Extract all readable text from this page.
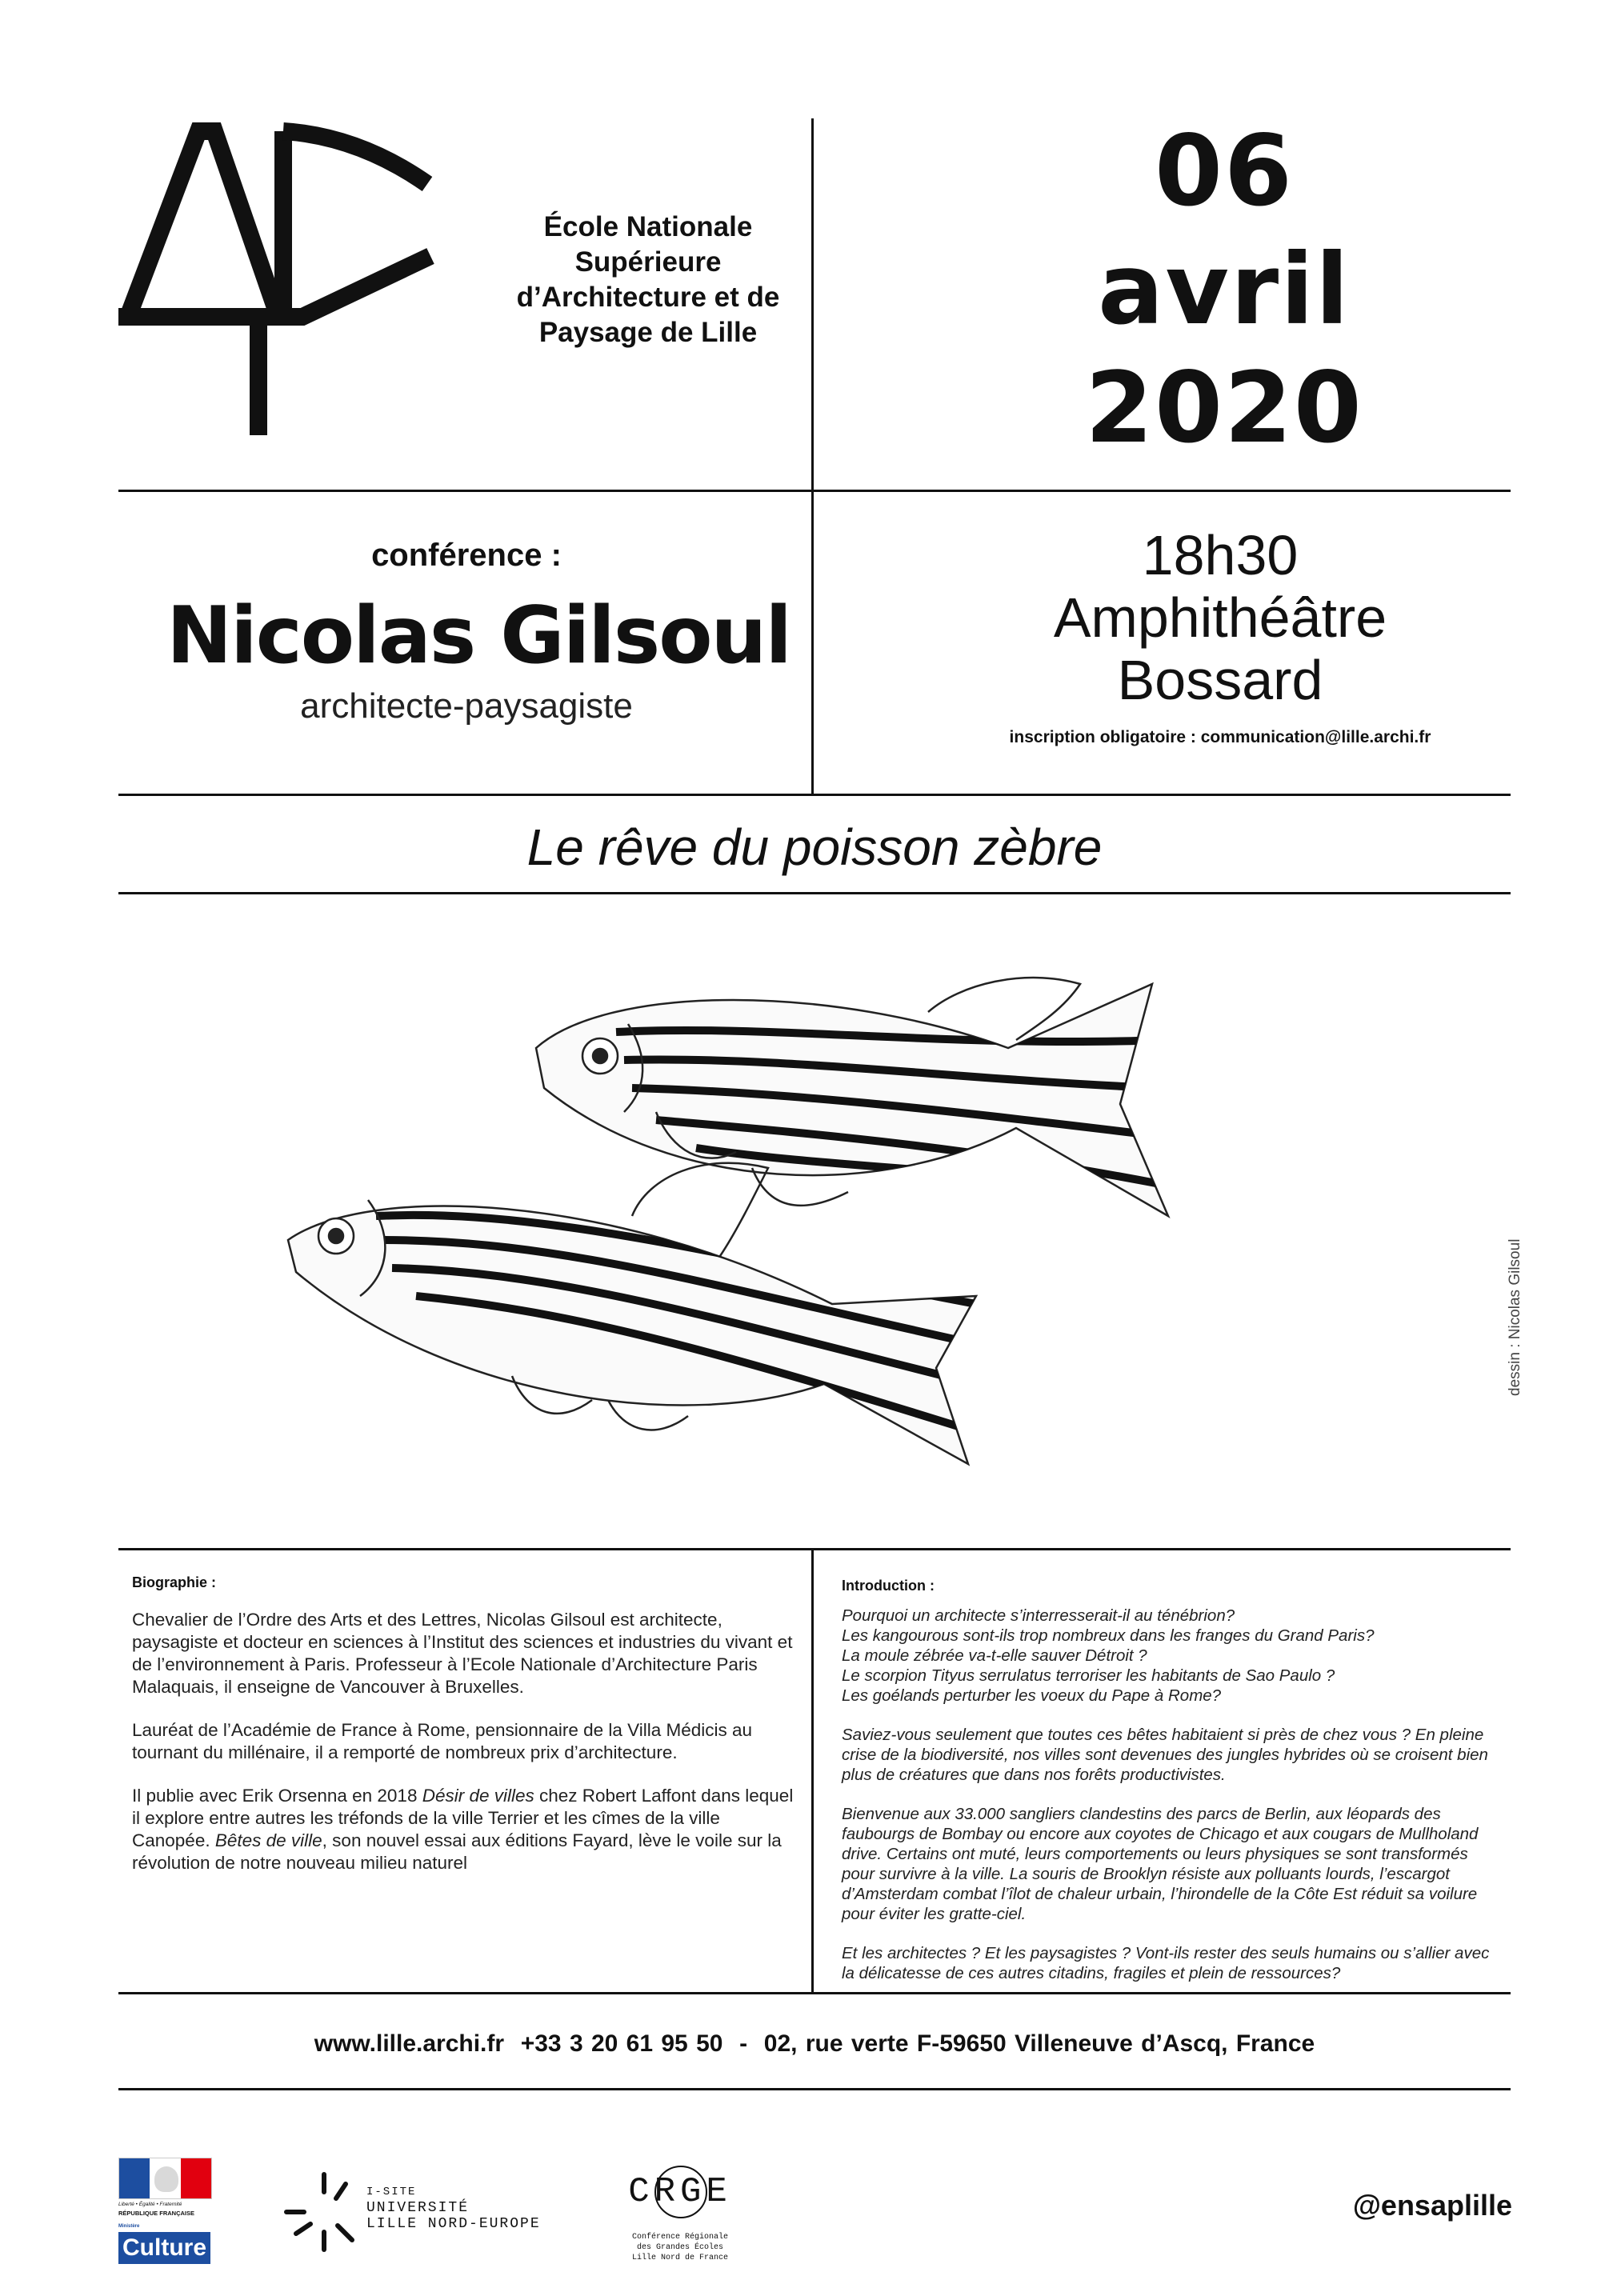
École Nationale
Supérieure
d’Architecture et de
Paysage de Lille
06
avril
2020
conférence :
Nicolas Gilsoul
architecte-paysagiste
18h30
Amphithéâtre
Bossard
inscription obligatoire : communication@lille.archi.fr
Le rêve du poisson zèbre
dessin : Nicolas Gilsoul
Biographie :

Chevalier de l’Ordre des Arts et des Lettres, Nicolas Gilsoul est architecte, paysagiste et docteur en sciences à l’Institut des sciences et industries du vivant et de l’environnement à Paris. Professeur à l’Ecole Nationale d’Architecture Paris Malaquais, il enseigne de Vancouver à Bruxelles.

Lauréat de l’Académie de France à Rome, pensionnaire de la Villa Médicis au tournant du millénaire, il a remporté de nombreux prix d’architecture.

Il publie avec Erik Orsenna en 2018 Désir de villes chez Robert Laffont dans lequel il explore entre autres les tréfonds de la ville Terrier et les cîmes de la ville Canopée. Bêtes de ville, son nouvel essai aux éditions Fayard, lève le voile sur la révolution de notre nouveau milieu naturel

Introduction :

Pourquoi un architecte s’interresserait-il au ténébrion?
Les kangourous sont-ils trop nombreux dans les franges du Grand Paris?
La moule zébrée va-t-elle sauver Détroit ?
Le scorpion Tityus serrulatus terroriser les habitants de Sao Paulo ?
Les goélands perturber les voeux du Pape à Rome?

Saviez-vous seulement que toutes ces bêtes habitaient si près de chez vous ? En pleine crise de la biodiversité, nos villes sont devenues des jungles hybrides où se croisent bien plus de créatures que dans nos forêts productivistes.

Bienvenue aux 33.000 sangliers clandestins des parcs de Berlin, aux léopards des faubourgs de Bombay ou encore aux coyotes de Chicago et aux cougars de Mullholand drive. Certains ont muté, leurs comportements ou leurs physiques se sont transformés pour survivre à la ville. La souris de Brooklyn résiste aux polluants lourds, l’escargot d’Amsterdam combat l’îlot de chaleur urbain, l’hirondelle de la Côte Est réduit sa voilure pour éviter les gratte-ciel.

Et les architectes ? Et les paysagistes ? Vont-ils rester des seuls humains ou s’allier avec la délicatesse de ces autres citadins, fragiles et plein de ressources?

www.lille.archi.fr  +33 3 20 61 95 50  -  02, rue verte F-59650 Villeneuve d’Ascq, France
Liberté • Égalité • Fraternité
RÉPUBLIQUE FRANÇAISE
Ministère
Culture
I-SITE
UNIVERSITÉ
LILLE NORD-EUROPE
CRGE
Conférence Régionale
des Grandes Écoles
Lille Nord de France
@ensaplille
